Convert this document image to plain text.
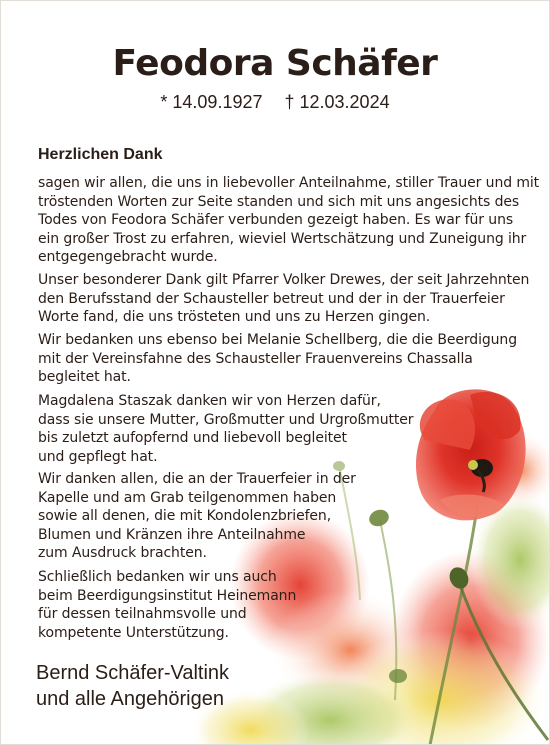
Feodora Schäfer
* 14.09.1927 † 12.03.2024
Herzlichen Dank

sagen wir allen, die uns in liebevoller Anteilnahme, stiller Trauer und mit
tröstenden Worten zur Seite standen und sich mit uns angesichts des
Todes von Feodora Schäfer verbunden gezeigt haben. Es war für uns
ein großer Trost zu erfahren, wieviel Wertschätzung und Zuneigung ihr
entgegengebracht wurde.

Unser besonderer Dank gilt Pfarrer Volker Drewes, der seit Jahrzehnten
den Berufsstand der Schausteller betreut und der in der Trauerfeier
Worte fand, die uns trösteten und uns zu Herzen gingen.

Wir bedanken uns ebenso bei Melanie Schellberg, die die Beerdigung
mit der Vereinsfahne des Schausteller Frauenvereins Chassalla
begleitet hat.

Magdalena Staszak danken wir von Herzen dafür,
dass sie unsere Mutter, Großmutter und Urgroßmutter
bis zuletzt aufopfernd und liebevoll begleitet
und gepflegt hat.

Wir danken allen, die an der Trauerfeier in der
Kapelle und am Grab teilgenommen haben
sowie all denen, die mit Kondolenzbriefen,
Blumen und Kränzen ihre Anteilnahme
zum Ausdruck brachten.

Schließlich bedanken wir uns auch
beim Beerdigungsinstitut Heinemann
für dessen teilnahmsvolle und
kompetente Unterstützung.

Bernd Schäfer-Valtink
und alle Angehörigen
